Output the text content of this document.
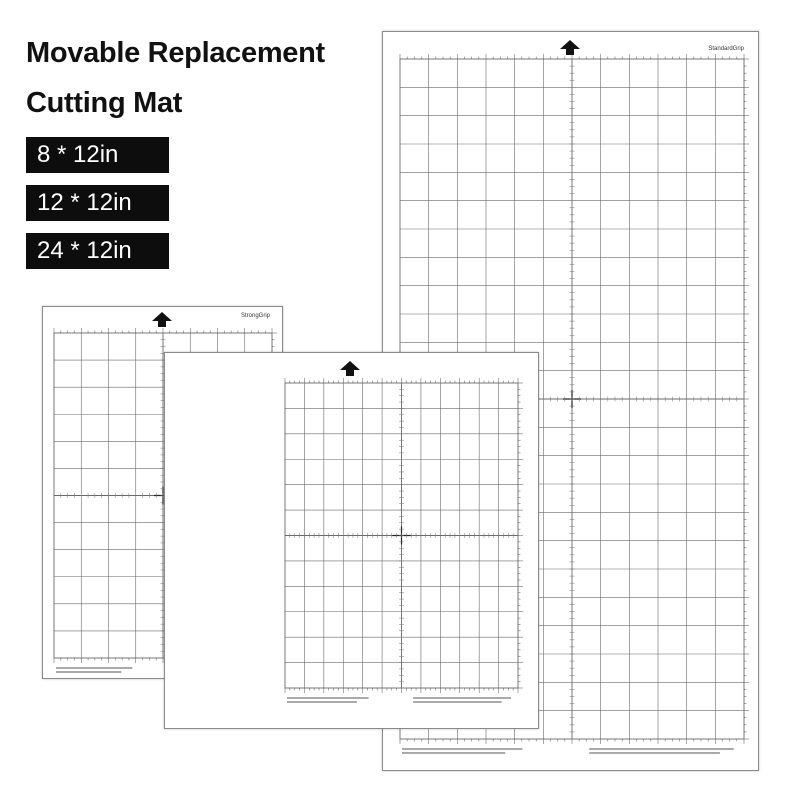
Movable Replacement
Cutting Mat
8 * 12in
12 * 12in
24 * 12in
StandardGrip
StrongGrip
